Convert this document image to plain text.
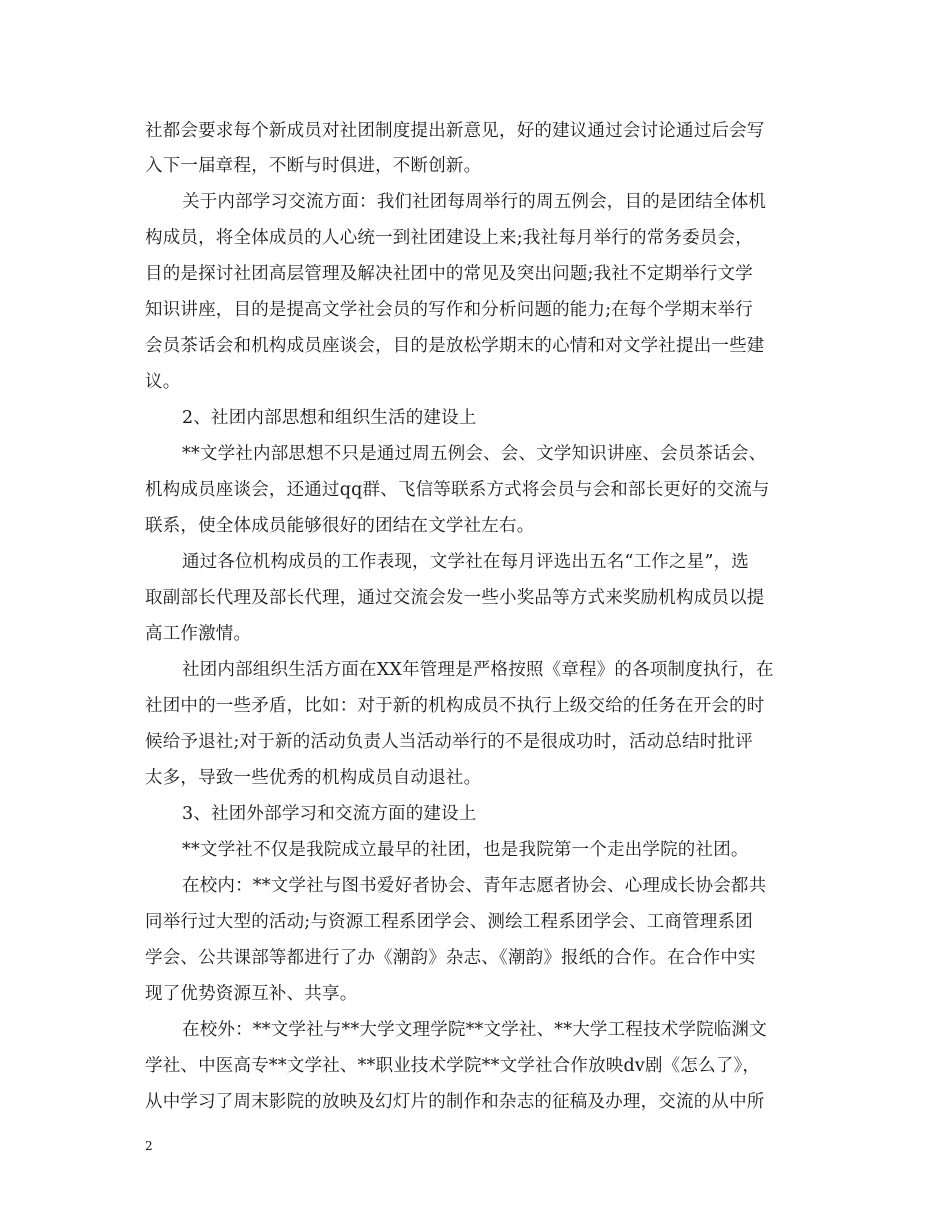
社都会要求每个新成员对社团制度提出新意见，好的建议通过会讨论通过后会写
入下一届章程，不断与时俱进，不断创新。
关于内部学习交流方面：我们社团每周举行的周五例会，目的是团结全体机
构成员，将全体成员的人心统一到社团建设上来;我社每月举行的常务委员会，
目的是探讨社团高层管理及解决社团中的常见及突出问题;我社不定期举行文学
知识讲座，目的是提高文学社会员的写作和分析问题的能力;在每个学期末举行
会员茶话会和机构成员座谈会，目的是放松学期末的心情和对文学社提出一些建
议。
2、社团内部思想和组织生活的建设上
**文学社内部思想不只是通过周五例会、会、文学知识讲座、会员茶话会、
机构成员座谈会，还通过qq群、飞信等联系方式将会员与会和部长更好的交流与
联系，使全体成员能够很好的团结在文学社左右。
通过各位机构成员的工作表现，文学社在每月评选出五名“工作之星”，选
取副部长代理及部长代理，通过交流会发一些小奖品等方式来奖励机构成员以提
高工作激情。
社团内部组织生活方面在XX年管理是严格按照《章程》的各项制度执行，在
社团中的一些矛盾，比如：对于新的机构成员不执行上级交给的任务在开会的时
候给予退社;对于新的活动负责人当活动举行的不是很成功时，活动总结时批评
太多，导致一些优秀的机构成员自动退社。
3、社团外部学习和交流方面的建设上
**文学社不仅是我院成立最早的社团，也是我院第一个走出学院的社团。
在校内：**文学社与图书爱好者协会、青年志愿者协会、心理成长协会都共
同举行过大型的活动;与资源工程系团学会、测绘工程系团学会、工商管理系团
学会、公共课部等都进行了办《潮韵》杂志、《潮韵》报纸的合作。在合作中实
现了优势资源互补、共享。
在校外：**文学社与**大学文理学院**文学社、**大学工程技术学院临渊文
学社、中医高专**文学社、**职业技术学院**文学社合作放映dv剧《怎么了》，
从中学习了周末影院的放映及幻灯片的制作和杂志的征稿及办理，交流的从中所
2
